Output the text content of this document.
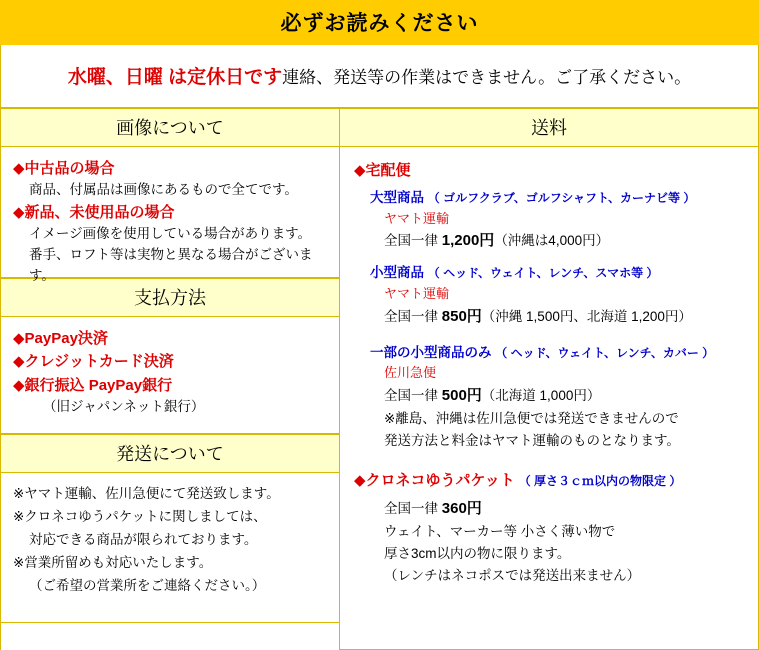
必ずお読みください
水曜、日曜 は定休日です連絡、発送等の作業はできません。ご了承ください。
画像について
◆中古品の場合
商品、付属品は画像にあるもので全てです。
◆新品、未使用品の場合
イメージ画像を使用している場合があります。
番手、ロフト等は実物と異なる場合がございます。
支払方法
◆PayPay決済
◆クレジットカード決済
◆銀行振込 PayPay銀行
（旧ジャパンネット銀行）
発送について
※ヤマト運輸、佐川急便にて発送致します。
※クロネコゆうパケットに関しましては、
対応できる商品が限られております。
※営業所留めも対応いたします。
（ご希望の営業所をご連絡ください。）
送料
◆宅配便
大型商品 （ ゴルフクラブ、ゴルフシャフト、カーナビ等 ）
ヤマト運輸
全国一律 1,200円（沖縄は4,000円）
小型商品 （ ヘッド、ウェイト、レンチ、スマホ等 ）
ヤマト運輸
全国一律 850円（沖縄 1,500円、北海道 1,200円）
一部の小型商品のみ （ ヘッド、ウェイト、レンチ、カバー ）
佐川急便
全国一律 500円（北海道 1,000円）
※離島、沖縄は佐川急便では発送できませんので
発送方法と料金はヤマト運輸のものとなります。
◆クロネコゆうパケット （ 厚さ３ｃｍ以内の物限定 ）
全国一律 360円
ウェイト、マーカー等 小さく薄い物で
厚さ3cm以内の物に限ります。
（レンチはネコポスでは発送出来ません）
